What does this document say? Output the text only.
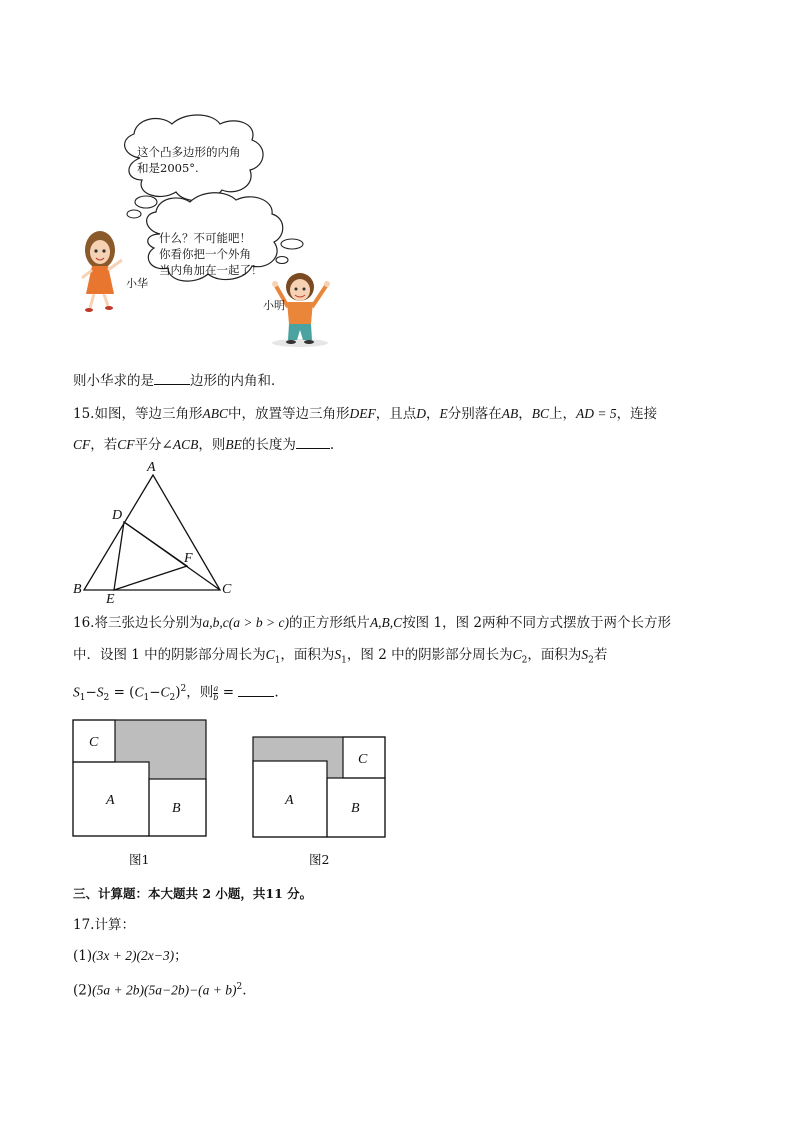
这个凸多边形的内角
和是2005°.
什么？不可能吧！
你看你把一个外角
当内角加在一起了！
小华
小明
则小华求的是	边形的内角和．
15.如图，等边三角形ABC中，放置等边三角形DEF，且点D，E分别落在AB，BC上，AD = 5，连接
CF，若CF平分∠ACB，则BE的长度为	.
A
D
F
B	C
E
16.将三张边长分别为a,b,c(a > b > c)的正方形纸片A,B,C按图 1，图 2两种不同方式摆放于两个长方形
中．设图 1 中的阴影部分周长为$C_1$，面积为$S_1$，图 2 中的阴影部分周长为$C_2$，面积为$S_2$若
$S_1-S_2 = (C_1-C_2)^2$，则 $\frac{a}{b}$ =	.
C
A
B
图1
C
A
B
图2
三、计算题：本大题共 2 小题，共11 分。
17.计算：
(1)(3x + 2)(2x−3)；
$(2)(5a + 2b)(5a-2b)-(a + b)^2$.
